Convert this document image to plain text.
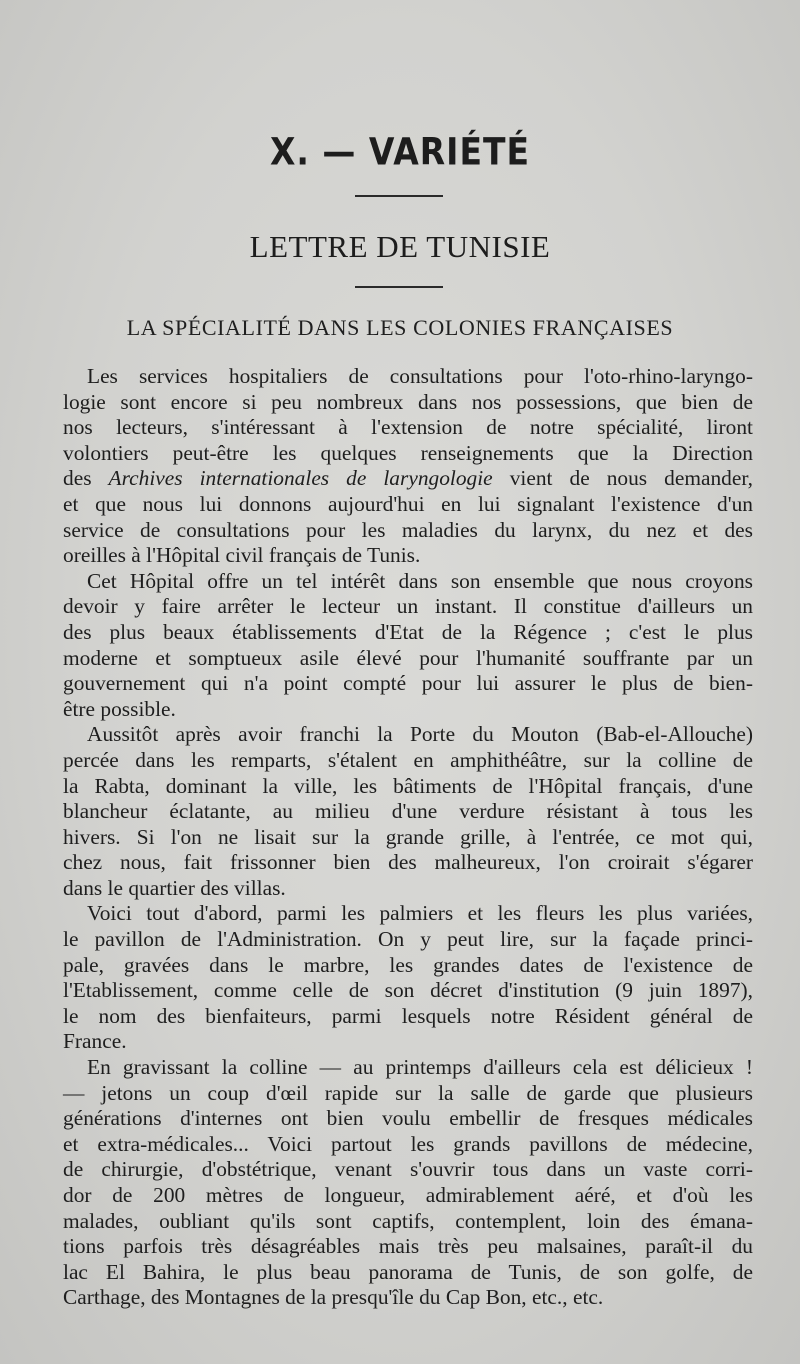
X. — VARIÉTÉ
LETTRE DE TUNISIE
LA SPÉCIALITÉ DANS LES COLONIES FRANÇAISES
Les services hospitaliers de consultations pour l'oto-rhino-laryngo-
logie sont encore si peu nombreux dans nos possessions, que bien de
nos lecteurs, s'intéressant à l'extension de notre spécialité, liront
volontiers peut-être les quelques renseignements que la Direction
des Archives internationales de laryngologie vient de nous demander,
et que nous lui donnons aujourd'hui en lui signalant l'existence d'un
service de consultations pour les maladies du larynx, du nez et des
oreilles à l'Hôpital civil français de Tunis.
Cet Hôpital offre un tel intérêt dans son ensemble que nous croyons
devoir y faire arrêter le lecteur un instant. Il constitue d'ailleurs un
des plus beaux établissements d'Etat de la Régence ; c'est le plus
moderne et somptueux asile élevé pour l'humanité souffrante par un
gouvernement qui n'a point compté pour lui assurer le plus de bien-
être possible.
Aussitôt après avoir franchi la Porte du Mouton (Bab-el-Allouche)
percée dans les remparts, s'étalent en amphithéâtre, sur la colline de
la Rabta, dominant la ville, les bâtiments de l'Hôpital français, d'une
blancheur éclatante, au milieu d'une verdure résistant à tous les
hivers. Si l'on ne lisait sur la grande grille, à l'entrée, ce mot qui,
chez nous, fait frissonner bien des malheureux, l'on croirait s'égarer
dans le quartier des villas.
Voici tout d'abord, parmi les palmiers et les fleurs les plus variées,
le pavillon de l'Administration. On y peut lire, sur la façade princi-
pale, gravées dans le marbre, les grandes dates de l'existence de
l'Etablissement, comme celle de son décret d'institution (9 juin 1897),
le nom des bienfaiteurs, parmi lesquels notre Résident général de
France.
En gravissant la colline — au printemps d'ailleurs cela est délicieux !
— jetons un coup d'œil rapide sur la salle de garde que plusieurs
générations d'internes ont bien voulu embellir de fresques médicales
et extra-médicales... Voici partout les grands pavillons de médecine,
de chirurgie, d'obstétrique, venant s'ouvrir tous dans un vaste corri-
dor de 200 mètres de longueur, admirablement aéré, et d'où les
malades, oubliant qu'ils sont captifs, contemplent, loin des émana-
tions parfois très désagréables mais très peu malsaines, paraît-il du
lac El Bahira, le plus beau panorama de Tunis, de son golfe, de
Carthage, des Montagnes de la presqu'île du Cap Bon, etc., etc.
